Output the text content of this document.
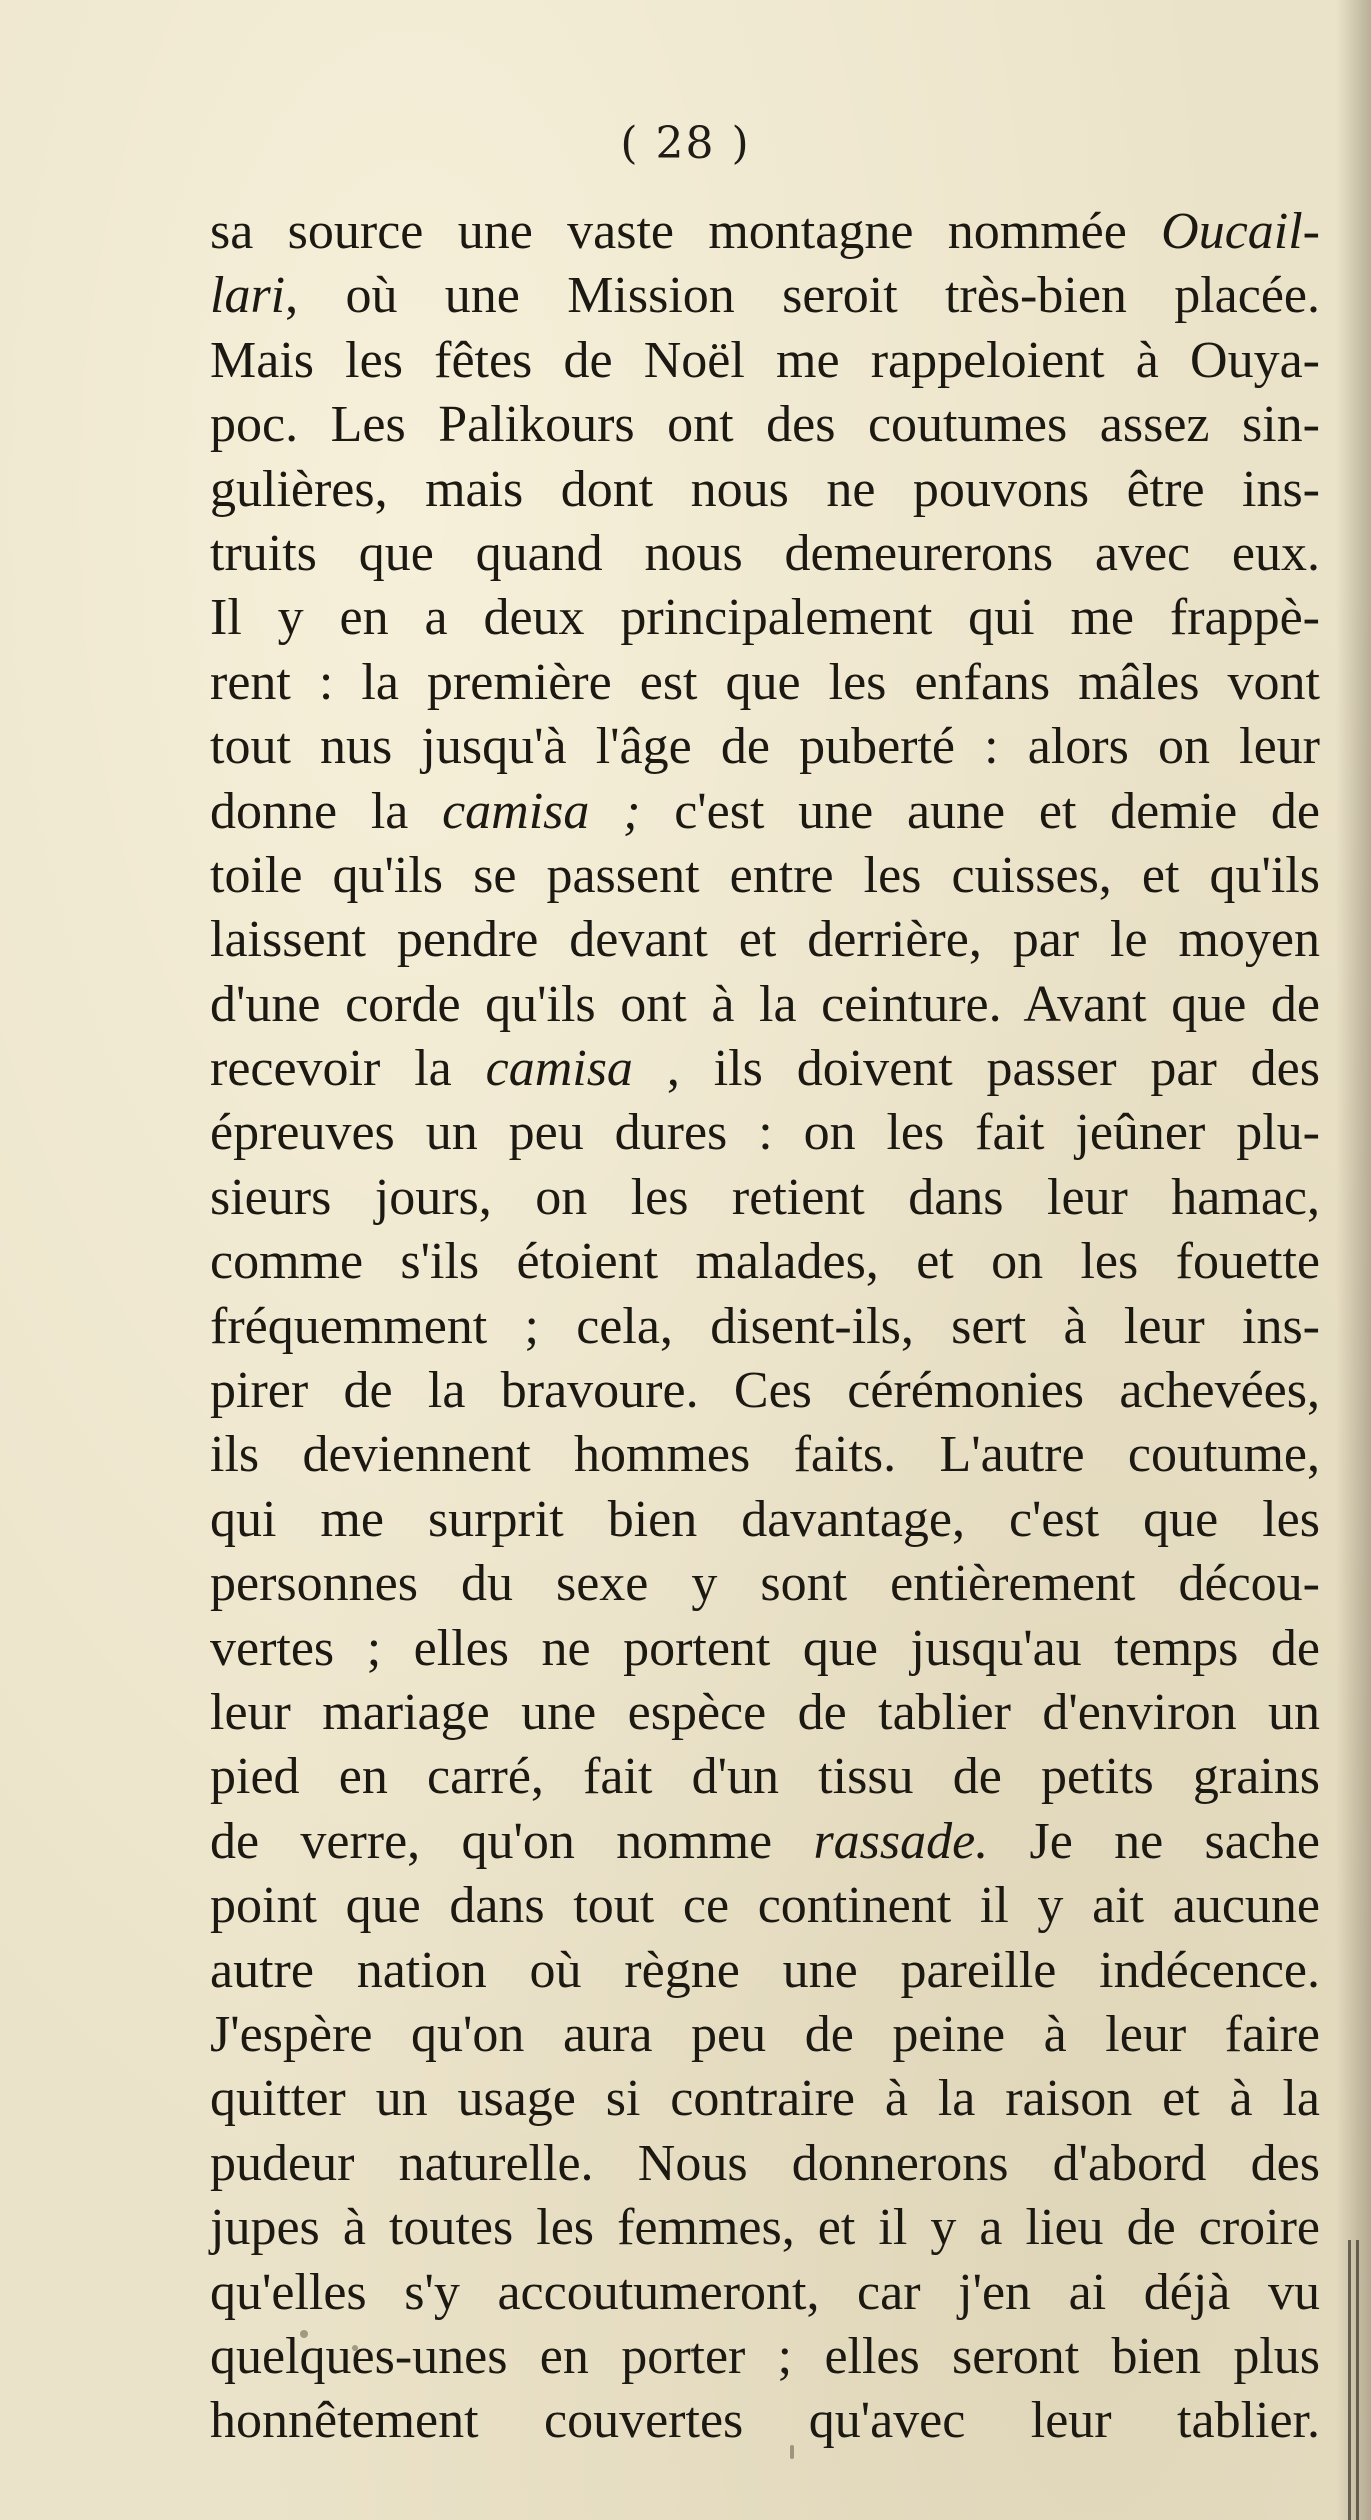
( 28 )
sa source une vaste montagne nommée Oucail-
lari, où une Mission seroit très-bien placée.
Mais les fêtes de Noël me rappeloient à Ouya-
poc. Les Palikours ont des coutumes assez sin-
gulières, mais dont nous ne pouvons être ins-
truits que quand nous demeurerons avec eux.
Il y en a deux principalement qui me frappè-
rent : la première est que les enfans mâles vont
tout nus jusqu'à l'âge de puberté : alors on leur
donne la camisa ; c'est une aune et demie de
toile qu'ils se passent entre les cuisses, et qu'ils
laissent pendre devant et derrière, par le moyen
d'une corde qu'ils ont à la ceinture. Avant que de
recevoir la camisa , ils doivent passer par des
épreuves un peu dures : on les fait jeûner plu-
sieurs jours, on les retient dans leur hamac,
comme s'ils étoient malades, et on les fouette
fréquemment ; cela, disent-ils, sert à leur ins-
pirer de la bravoure. Ces cérémonies achevées,
ils deviennent hommes faits. L'autre coutume,
qui me surprit bien davantage, c'est que les
personnes du sexe y sont entièrement décou-
vertes ; elles ne portent que jusqu'au temps de
leur mariage une espèce de tablier d'environ un
pied en carré, fait d'un tissu de petits grains
de verre, qu'on nomme rassade. Je ne sache
point que dans tout ce continent il y ait aucune
autre nation où règne une pareille indécence.
J'espère qu'on aura peu de peine à leur faire
quitter un usage si contraire à la raison et à la
pudeur naturelle. Nous donnerons d'abord des
jupes à toutes les femmes, et il y a lieu de croire
qu'elles s'y accoutumeront, car j'en ai déjà vu
quelques-unes en porter ; elles seront bien plus
honnêtement couvertes qu'avec leur tablier.
